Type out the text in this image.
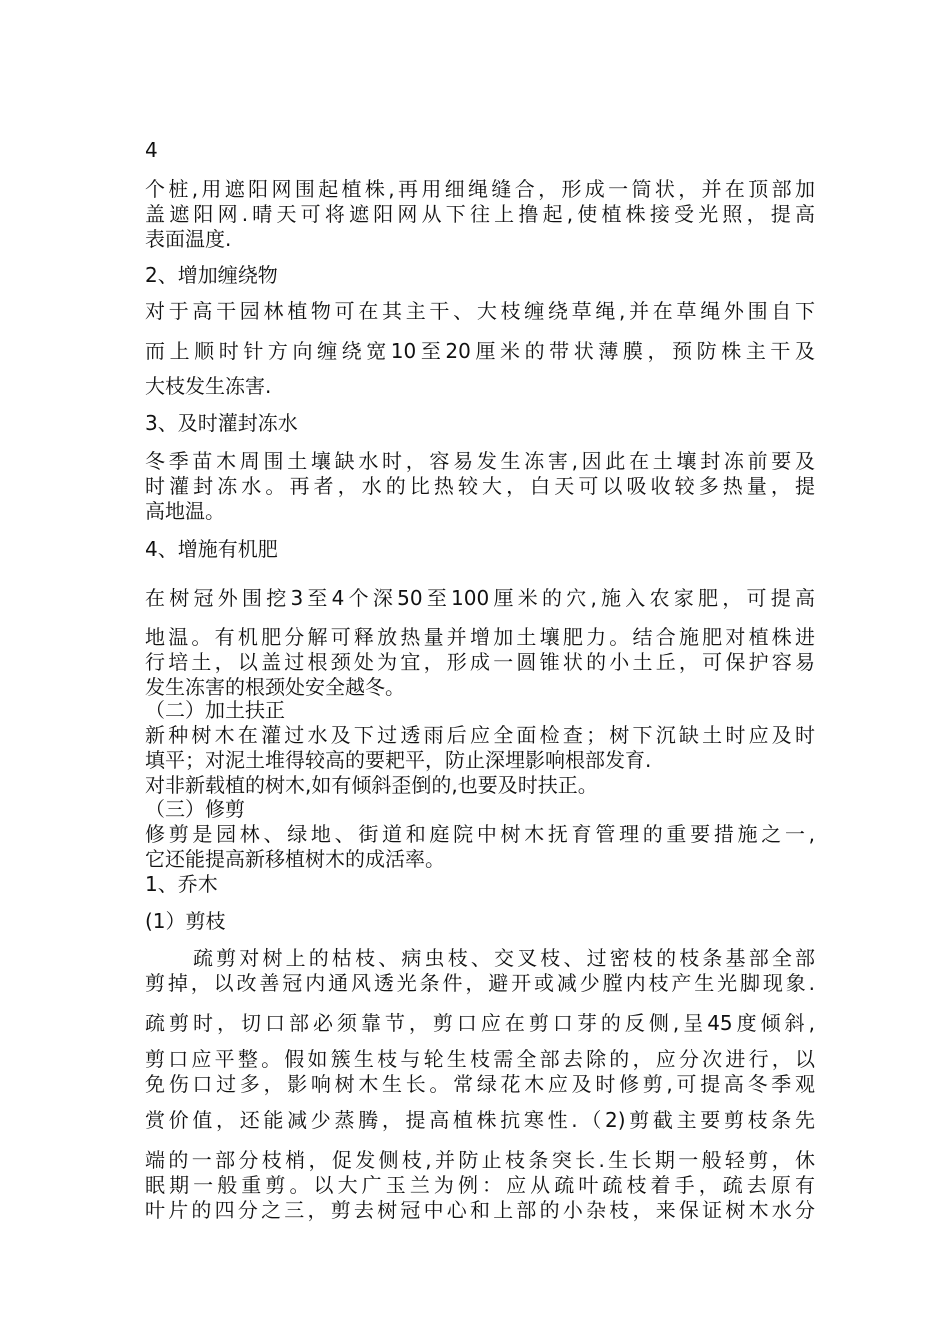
4
个桩,用遮阳网围起植株,再用细绳缝合，形成一筒状，并在顶部加
盖遮阳网.晴天可将遮阳网从下往上撸起,使植株接受光照，提高
表面温度.
2、增加缠绕物
对于高干园林植物可在其主干、大枝缠绕草绳,并在草绳外围自下
而上顺时针方向缠绕宽10至20厘米的带状薄膜，预防株主干及
大枝发生冻害.
3、及时灌封冻水
冬季苗木周围土壤缺水时，容易发生冻害,因此在土壤封冻前要及
时灌封冻水。再者，水的比热较大，白天可以吸收较多热量，提
高地温。
4、增施有机肥
在树冠外围挖3至4个深50至100厘米的穴,施入农家肥，可提高
地温。有机肥分解可释放热量并增加土壤肥力。结合施肥对植株进
行培土，以盖过根颈处为宜，形成一圆锥状的小土丘，可保护容易
发生冻害的根颈处安全越冬。
（二）加土扶正
新种树木在灌过水及下过透雨后应全面检查；树下沉缺土时应及时
填平；对泥土堆得较高的要耙平，防止深埋影响根部发育.
对非新载植的树木,如有倾斜歪倒的,也要及时扶正。
（三）修剪
修剪是园林、绿地、街道和庭院中树木抚育管理的重要措施之一,
它还能提高新移植树木的成活率。
1、乔木
(1）剪枝
疏剪对树上的枯枝、病虫枝、交叉枝、过密枝的枝条基部全部
剪掉，以改善冠内通风透光条件，避开或减少膛内枝产生光脚现象.
疏剪时，切口部必须靠节，剪口应在剪口芽的反侧,呈45度倾斜,
剪口应平整。假如簇生枝与轮生枝需全部去除的，应分次进行，以
免伤口过多，影响树木生长。常绿花木应及时修剪,可提高冬季观
赏价值，还能减少蒸腾，提高植株抗寒性.（2)剪截主要剪枝条先
端的一部分枝梢，促发侧枝,并防止枝条突长.生长期一般轻剪，休
眠期一般重剪。以大广玉兰为例：应从疏叶疏枝着手，疏去原有
叶片的四分之三，剪去树冠中心和上部的小杂枝，来保证树木水分
